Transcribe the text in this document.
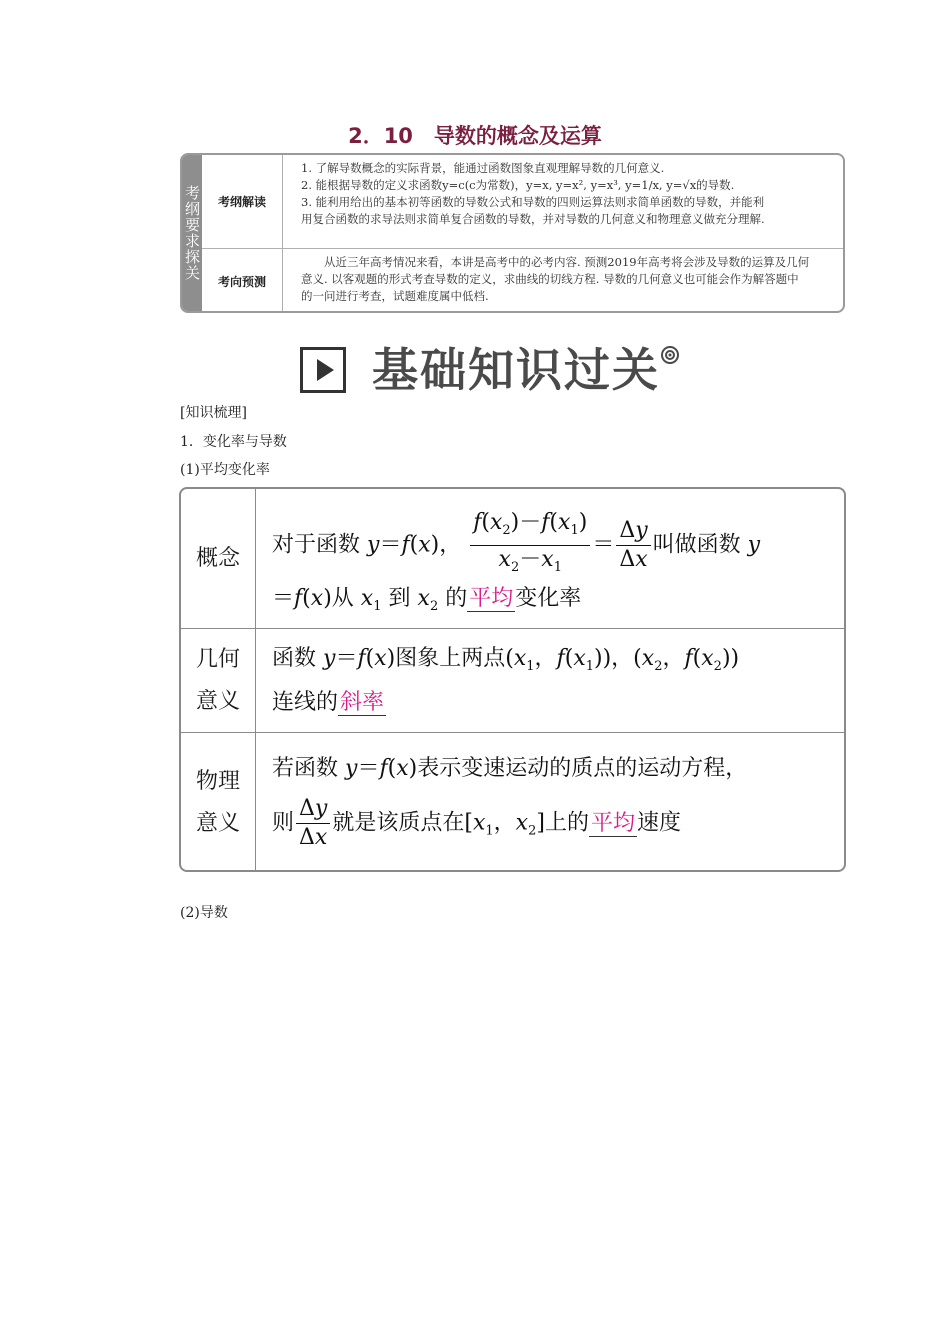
2．10　导数的概念及运算
考纲要求探关	考纲解读
1. 了解导数概念的实际背景，能通过函数图象直观理解导数的几何意义.
2. 能根据导数的定义求函数y=c(c为常数)，y=x, y=x², y=x³, y=1/x, y=√x的导数.
3. 能利用给出的基本初等函数的导数公式和导数的四则运算法则求简单函数的导数，并能利
用复合函数的求导法则求简单复合函数的导数，并对导数的几何意义和物理意义做充分理解.
考向预测
从近三年高考情况来看，本讲是高考中的必考内容. 预测2019年高考将会涉及导数的运算及几何
意义. 以客观题的形式考查导数的定义，求曲线的切线方程. 导数的几何意义也可能会作为解答题中
的一问进行考查，试题难度属中低档.
基础知识过关
[知识梳理]
1．变化率与导数
(1)平均变化率
概念
对于函数 y＝f(x)， $\frac{f(x_2)-f(x_1)}{x_2-x_1} = \frac{\Delta y}{\Delta x}$ 叫做函数 y
＝f(x)从 $x_1$ 到 $x_2$ 的平均变化率
几何
意义
函数 y＝f(x)图象上两点($x_1$，$f(x_1)$)，($x_2$，$f(x_2)$)
连线的斜率
物理
意义
若函数 y＝f(x)表示变速运动的质点的运动方程，
则 $\frac{\Delta y}{\Delta x}$ 就是该质点在[$x_1$，$x_2$]上的平均速度
(2)导数
